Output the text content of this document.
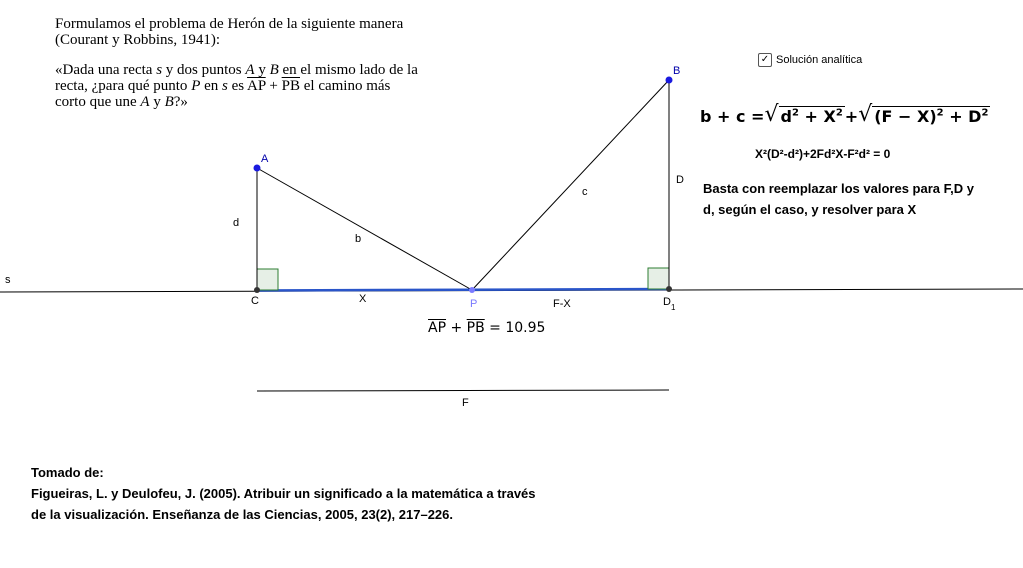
A
B
C	P	$D_1$
s
d
b
c
D
X	F-X
F

Formulamos el problema de Herón de la siguiente manera (Courant y Robbins, 1941):

«Dada una recta s y dos puntos A y B en el mismo lado de la recta, ¿para qué punto P en s es $\overline{AP} + \overline{PB}$ el camino más corto que une A y B?»

$\overline{AP} + \overline{PB} = 10.95$
✓ Solución analítica
b + c = √ $d^2 + X^2$ + √ $(F - X)^2 + D^2$
X²(D²-d²)+2Fd²X-F²d² = 0
Basta con reemplazar los valores para F,D y d, según el caso, y resolver para X
Tomado de:
Figueiras, L. y Deulofeu, J. (2005). Atribuir un significado a la matemática a través
de la visualización. Enseñanza de las Ciencias, 2005, 23(2), 217–226.
